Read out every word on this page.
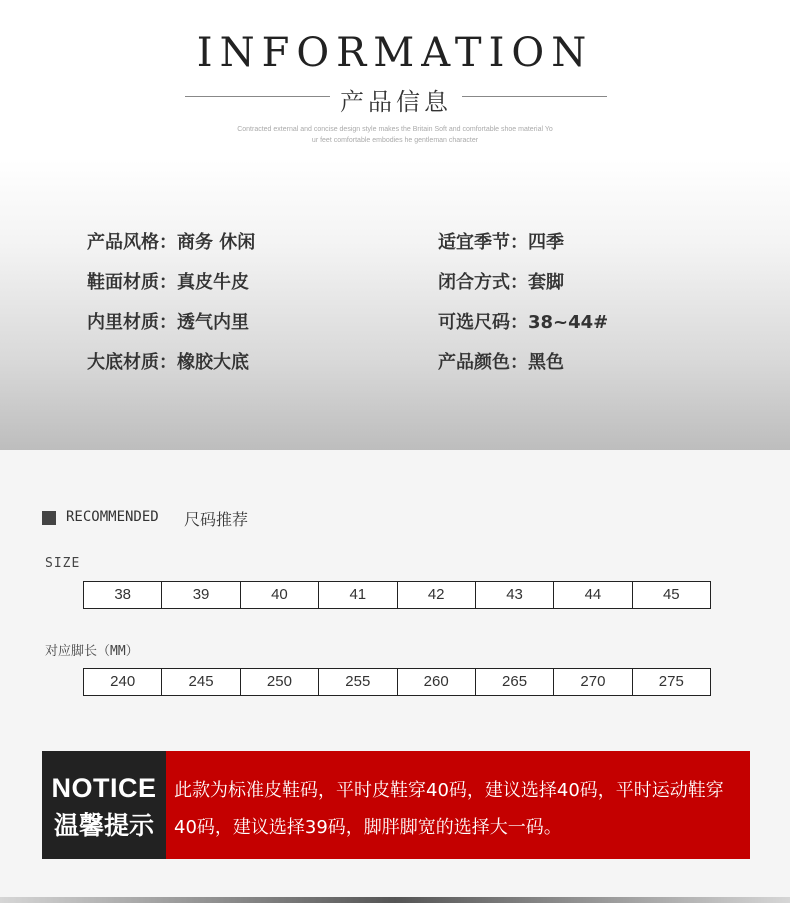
INFORMATION
产品信息
Contracted external and concise design style makes the Britain Soft and comfortable shoe material Yo
ur feet comfortable embodies he gentleman character
产品风格：商务 休闲
鞋面材质：真皮牛皮
内里材质：透气内里
大底材质：橡胶大底
适宜季节：四季
闭合方式：套脚
可选尺码：38~44#
产品颜色：黑色
RECOMMENDED 尺码推荐
SIZE
38	39	40	41	42	43	44	45
对应脚长（MM）
240	245	250	255	260	265	270	275
NOTICE
温馨提示
此款为标准皮鞋码，平时皮鞋穿40码，建议选择40码，平时运动鞋穿40码，建议选择39码，脚胖脚宽的选择大一码。
